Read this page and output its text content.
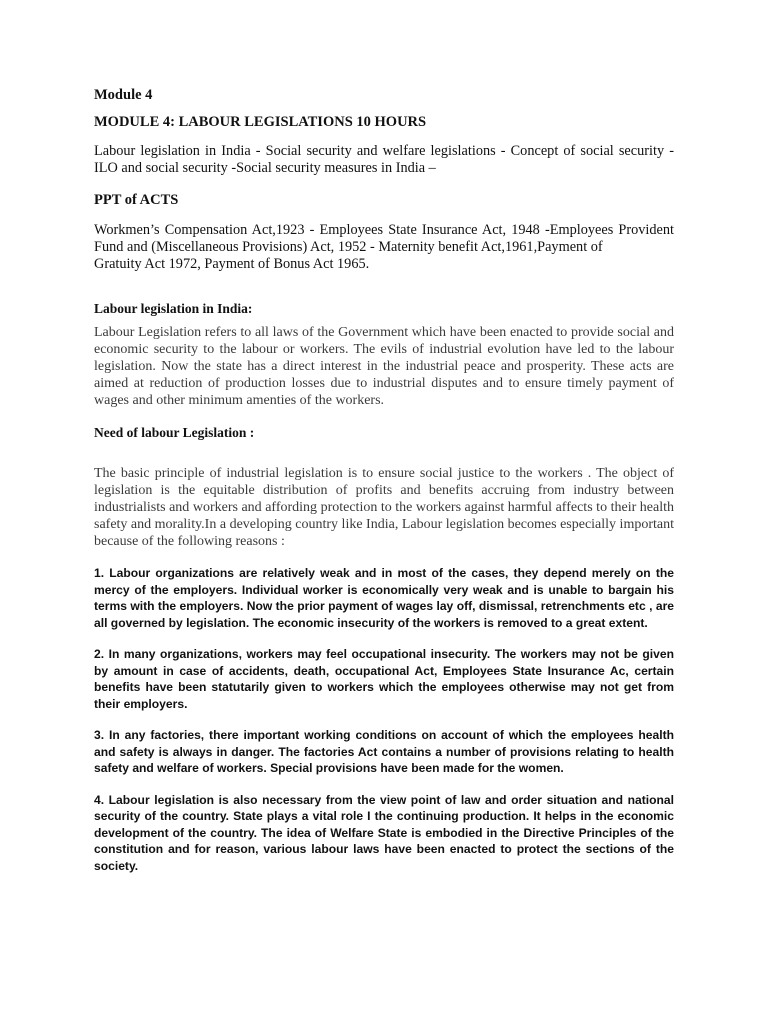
Module 4

MODULE 4: LABOUR LEGISLATIONS 10 HOURS

Labour legislation in India - Social security and welfare legislations - Concept of social security - ILO and social security -Social security measures in India –

PPT of ACTS

Workmen’s Compensation Act,1923 - Employees State Insurance Act, 1948 -Employees Provident Fund and (Miscellaneous Provisions) Act, 1952 - Maternity benefit Act,1961,Payment of

Gratuity Act 1972, Payment of Bonus Act 1965.

Labour legislation in India:

Labour Legislation refers to all laws of the Government which have been enacted to provide social and economic security to the labour or workers. The evils of industrial evolution have led to the labour legislation. Now the state has a direct interest in the industrial peace and prosperity. These acts are aimed at reduction of production losses due to industrial disputes and to ensure timely payment of wages and other minimum amenties of the workers.

Need of labour Legislation :

The basic principle of industrial legislation is to ensure social justice to the workers . The object of legislation is the equitable distribution of profits and benefits accruing from industry between industrialists and workers and affording protection to the workers against harmful affects to their health safety and morality.In a developing country like India, Labour legislation becomes especially important because of the following reasons :

1. Labour organizations are relatively weak and in most of the cases, they depend merely on the mercy of the employers. Individual worker is economically very weak and is unable to bargain his terms with the employers. Now the prior payment of wages lay off, dismissal, retrenchments etc , are all governed by legislation. The economic insecurity of the workers is removed to a great extent.

2. In many organizations, workers may feel occupational insecurity. The workers may not be given by amount in case of accidents, death, occupational Act, Employees State Insurance Ac, certain benefits have been statutarily given to workers which the employees otherwise may not get from their employers.

3. In any factories, there important working conditions on account of which the employees health and safety is always in danger. The factories Act contains a number of provisions relating to health safety and welfare of workers. Special provisions have been made for the women.

4. Labour legislation is also necessary from the view point of law and order situation and national security of the country. State plays a vital role I the continuing production. It helps in the economic development of the country. The idea of Welfare State is embodied in the Directive Principles of the constitution and for reason, various labour laws have been enacted to protect the sections of the society.
